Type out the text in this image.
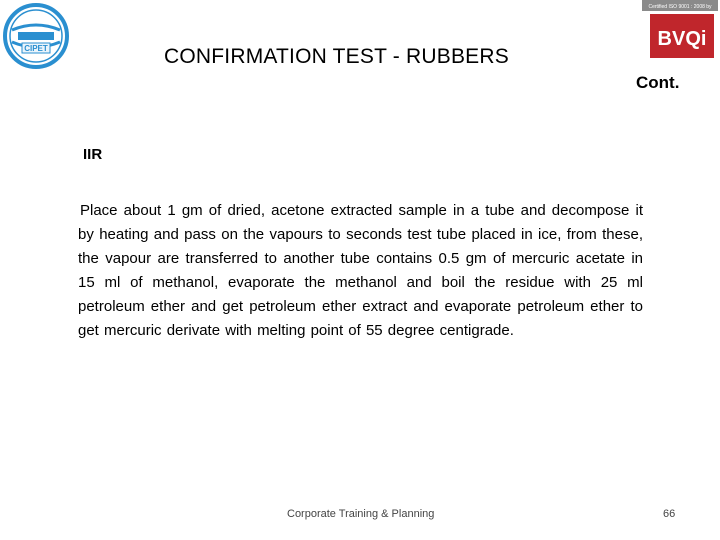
CIPET
Certified ISO 9001 : 2008 by
BVQi
CONFIRMATION TEST - RUBBERS
Cont.
IIR
Place about 1 gm of dried, acetone extracted sample in a tube and decompose it by heating and pass on the vapours to seconds test tube placed in ice, from these, the vapour are transferred to another tube contains 0.5 gm of mercuric acetate in 15 ml of methanol, evaporate the methanol and boil the residue with 25 ml petroleum ether and get petroleum ether extract and evaporate petroleum ether to get mercuric derivate with melting point of 55 degree centigrade.
Corporate Training & Planning	66
